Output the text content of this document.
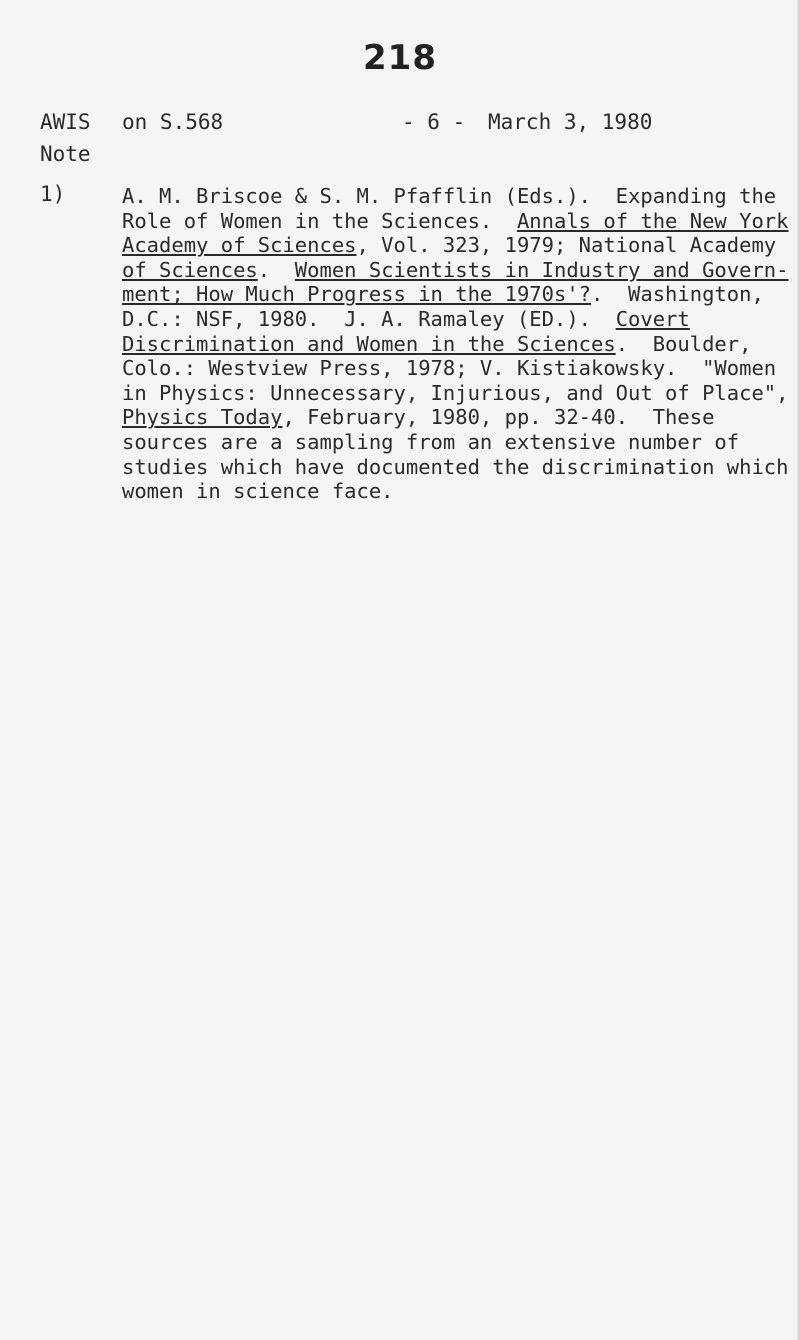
218
AWIS on S.568	- 6 - March 3, 1980
Note
1)	A. M. Briscoe & S. M. Pfafflin (Eds.).  Expanding the
Role of Women in the Sciences.  Annals of the New York
Academy of Sciences, Vol. 323, 1979; National Academy
of Sciences.  Women Scientists in Industry and Govern-
ment; How Much Progress in the 1970s'?.  Washington,
D.C.: NSF, 1980.  J. A. Ramaley (ED.).  Covert
Discrimination and Women in the Sciences.  Boulder,
Colo.: Westview Press, 1978; V. Kistiakowsky.  "Women
in Physics: Unnecessary, Injurious, and Out of Place",
Physics Today, February, 1980, pp. 32-40.  These
sources are a sampling from an extensive number of
studies which have documented the discrimination which
women in science face.
